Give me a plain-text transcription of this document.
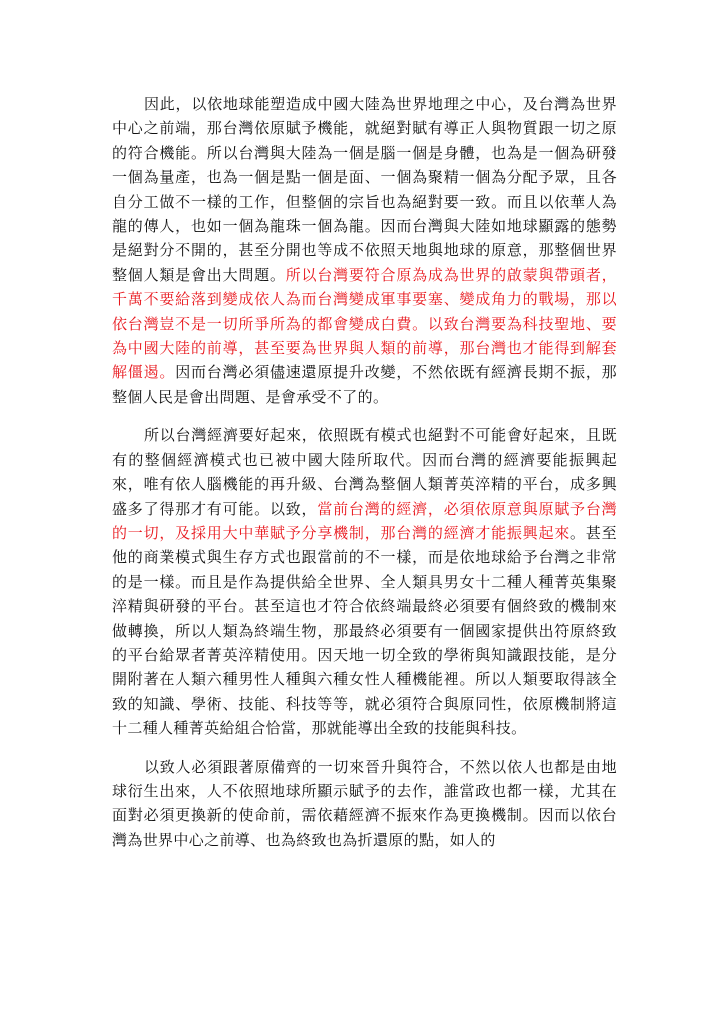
因此，以依地球能塑造成中國大陸為世界地理之中心，及台灣為世界中心之前端，那台灣依原賦予機能，就絕對賦有導正人與物質跟一切之原的符合機能。所以台灣與大陸為一個是腦一個是身體，也為是一個為研發一個為量產，也為一個是點一個是面、一個為聚精一個為分配予眾，且各自分工做不一樣的工作，但整個的宗旨也為絕對要一致。而且以依華人為龍的傳人，也如一個為龍珠一個為龍。因而台灣與大陸如地球顯露的態勢是絕對分不開的，甚至分開也等成不依照天地與地球的原意，那整個世界整個人類是會出大問題。所以台灣要符合原為成為世界的啟蒙與帶頭者，千萬不要給落到變成依人為而台灣變成軍事要塞、變成角力的戰場，那以依台灣豈不是一切所爭所為的都會變成白費。以致台灣要為科技聖地、要為中國大陸的前導，甚至要為世界與人類的前導，那台灣也才能得到解套解僵遏。因而台灣必須儘速還原提升改變，不然依既有經濟長期不振，那整個人民是會出問題、是會承受不了的。

所以台灣經濟要好起來，依照既有模式也絕對不可能會好起來，且既有的整個經濟模式也已被中國大陸所取代。因而台灣的經濟要能振興起來，唯有依人腦機能的再升級、台灣為整個人類菁英淬精的平台，成多興盛多了得那才有可能。以致，當前台灣的經濟，必須依原意與原賦予台灣的一切，及採用大中華賦予分享機制，那台灣的經濟才能振興起來。甚至他的商業模式與生存方式也跟當前的不一樣，而是依地球給予台灣之非常的是一樣。而且是作為提供給全世界、全人類具男女十二種人種菁英集聚淬精與研發的平台。甚至這也才符合依終端最終必須要有個終致的機制來做轉換，所以人類為終端生物，那最終必須要有一個國家提供出符原終致的平台給眾者菁英淬精使用。因天地一切全致的學術與知識跟技能，是分開附著在人類六種男性人種與六種女性人種機能裡。所以人類要取得該全致的知識、學術、技能、科技等等，就必須符合與原同性，依原機制將這十二種人種菁英給組合恰當，那就能導出全致的技能與科技。

以致人必須跟著原備齊的一切來晉升與符合，不然以依人也都是由地球衍生出來，人不依照地球所顯示賦予的去作，誰當政也都一樣，尤其在面對必須更換新的使命前，需依藉經濟不振來作為更換機制。因而以依台灣為世界中心之前導、也為終致也為折還原的點，如人的
